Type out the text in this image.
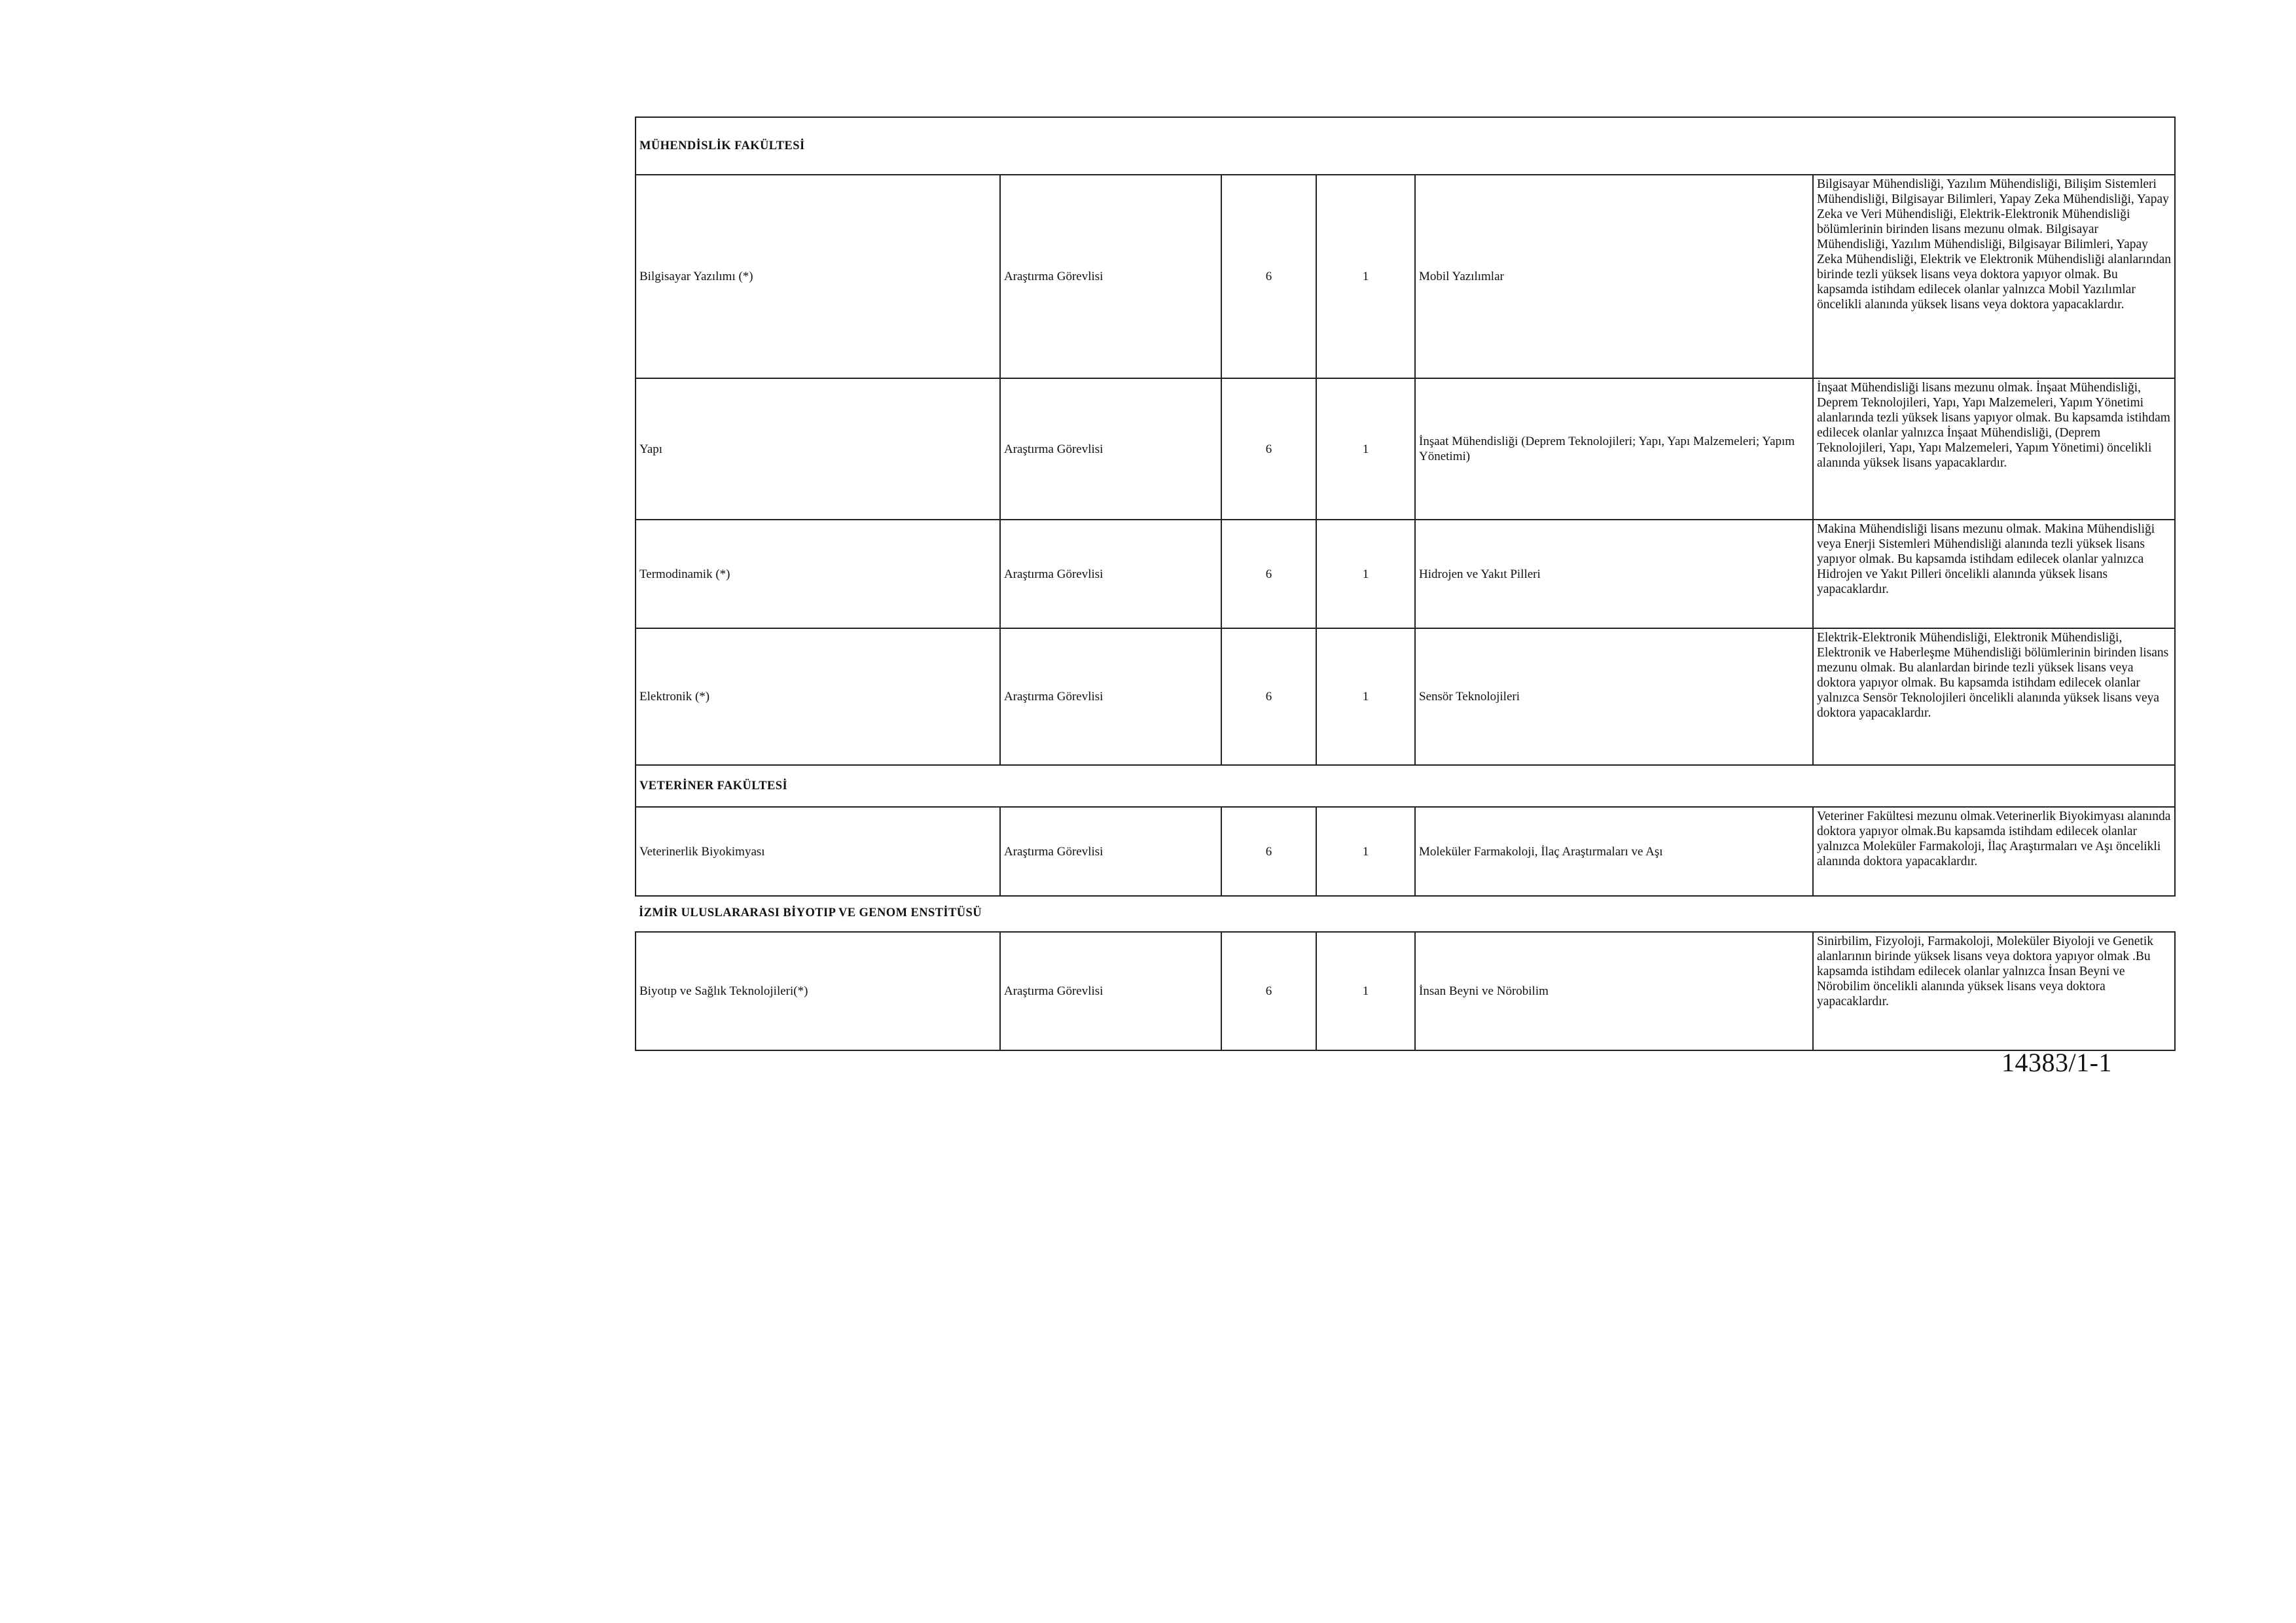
MÜHENDİSLİK FAKÜLTESİ					
Bilgisayar Yazılımı (*)	Araştırma Görevlisi	6	1	Mobil Yazılımlar	Bilgisayar Mühendisliği, Yazılım Mühendisliği, Bilişim Sistemleri Mühendisliği, Bilgisayar Bilimleri, Yapay Zeka Mühendisliği, Yapay Zeka ve Veri Mühendisliği, Elektrik-Elektronik Mühendisliği bölümlerinin birinden lisans mezunu olmak. Bilgisayar Mühendisliği, Yazılım Mühendisliği, Bilgisayar Bilimleri, Yapay Zeka Mühendisliği, Elektrik ve Elektronik Mühendisliği alanlarından birinde tezli yüksek lisans veya doktora yapıyor olmak. Bu kapsamda istihdam edilecek olanlar yalnızca Mobil Yazılımlar öncelikli alanında yüksek lisans veya doktora yapacaklardır.
Yapı	Araştırma Görevlisi	6	1	İnşaat Mühendisliği (Deprem Teknolojileri; Yapı, Yapı Malzemeleri; Yapım Yönetimi)	İnşaat Mühendisliği lisans mezunu olmak. İnşaat Mühendisliği, Deprem Teknolojileri, Yapı, Yapı Malzemeleri, Yapım Yönetimi alanlarında tezli yüksek lisans yapıyor olmak. Bu kapsamda istihdam edilecek olanlar yalnızca İnşaat Mühendisliği, (Deprem Teknolojileri, Yapı, Yapı Malzemeleri, Yapım Yönetimi) öncelikli alanında yüksek lisans yapacaklardır.
Termodinamik (*)	Araştırma Görevlisi	6	1	Hidrojen ve Yakıt Pilleri	Makina Mühendisliği lisans mezunu olmak. Makina Mühendisliği veya Enerji Sistemleri Mühendisliği alanında tezli yüksek lisans yapıyor olmak. Bu kapsamda istihdam edilecek olanlar yalnızca Hidrojen ve Yakıt Pilleri öncelikli alanında yüksek lisans yapacaklardır.
Elektronik (*)	Araştırma Görevlisi	6	1	Sensör Teknolojileri	Elektrik-Elektronik Mühendisliği, Elektronik Mühendisliği, Elektronik ve Haberleşme Mühendisliği bölümlerinin birinden lisans mezunu olmak. Bu alanlardan birinde tezli yüksek lisans veya doktora yapıyor olmak. Bu kapsamda istihdam edilecek olanlar yalnızca Sensör Teknolojileri öncelikli alanında yüksek lisans veya doktora yapacaklardır.
VETERİNER FAKÜLTESİ					
Veterinerlik Biyokimyası	Araştırma Görevlisi	6	1	Moleküler Farmakoloji, İlaç Araştırmaları ve Aşı	Veteriner Fakültesi mezunu olmak.Veterinerlik Biyokimyası alanında doktora yapıyor olmak.Bu kapsamda istihdam edilecek olanlar yalnızca Moleküler Farmakoloji, İlaç Araştırmaları ve Aşı öncelikli alanında doktora yapacaklardır.
İZMİR ULUSLARARASI BİYOTIP VE GENOM ENSTİTÜSÜ					

Biyotıp ve Sağlık Teknolojileri(*)	Araştırma Görevlisi	6	1	İnsan Beyni ve Nörobilim	Sinirbilim, Fizyoloji, Farmakoloji, Moleküler Biyoloji ve Genetik alanlarının birinde yüksek lisans veya doktora yapıyor olmak .Bu kapsamda istihdam edilecek olanlar yalnızca İnsan Beyni ve Nörobilim öncelikli alanında yüksek lisans veya doktora yapacaklardır.
14383/1-1
